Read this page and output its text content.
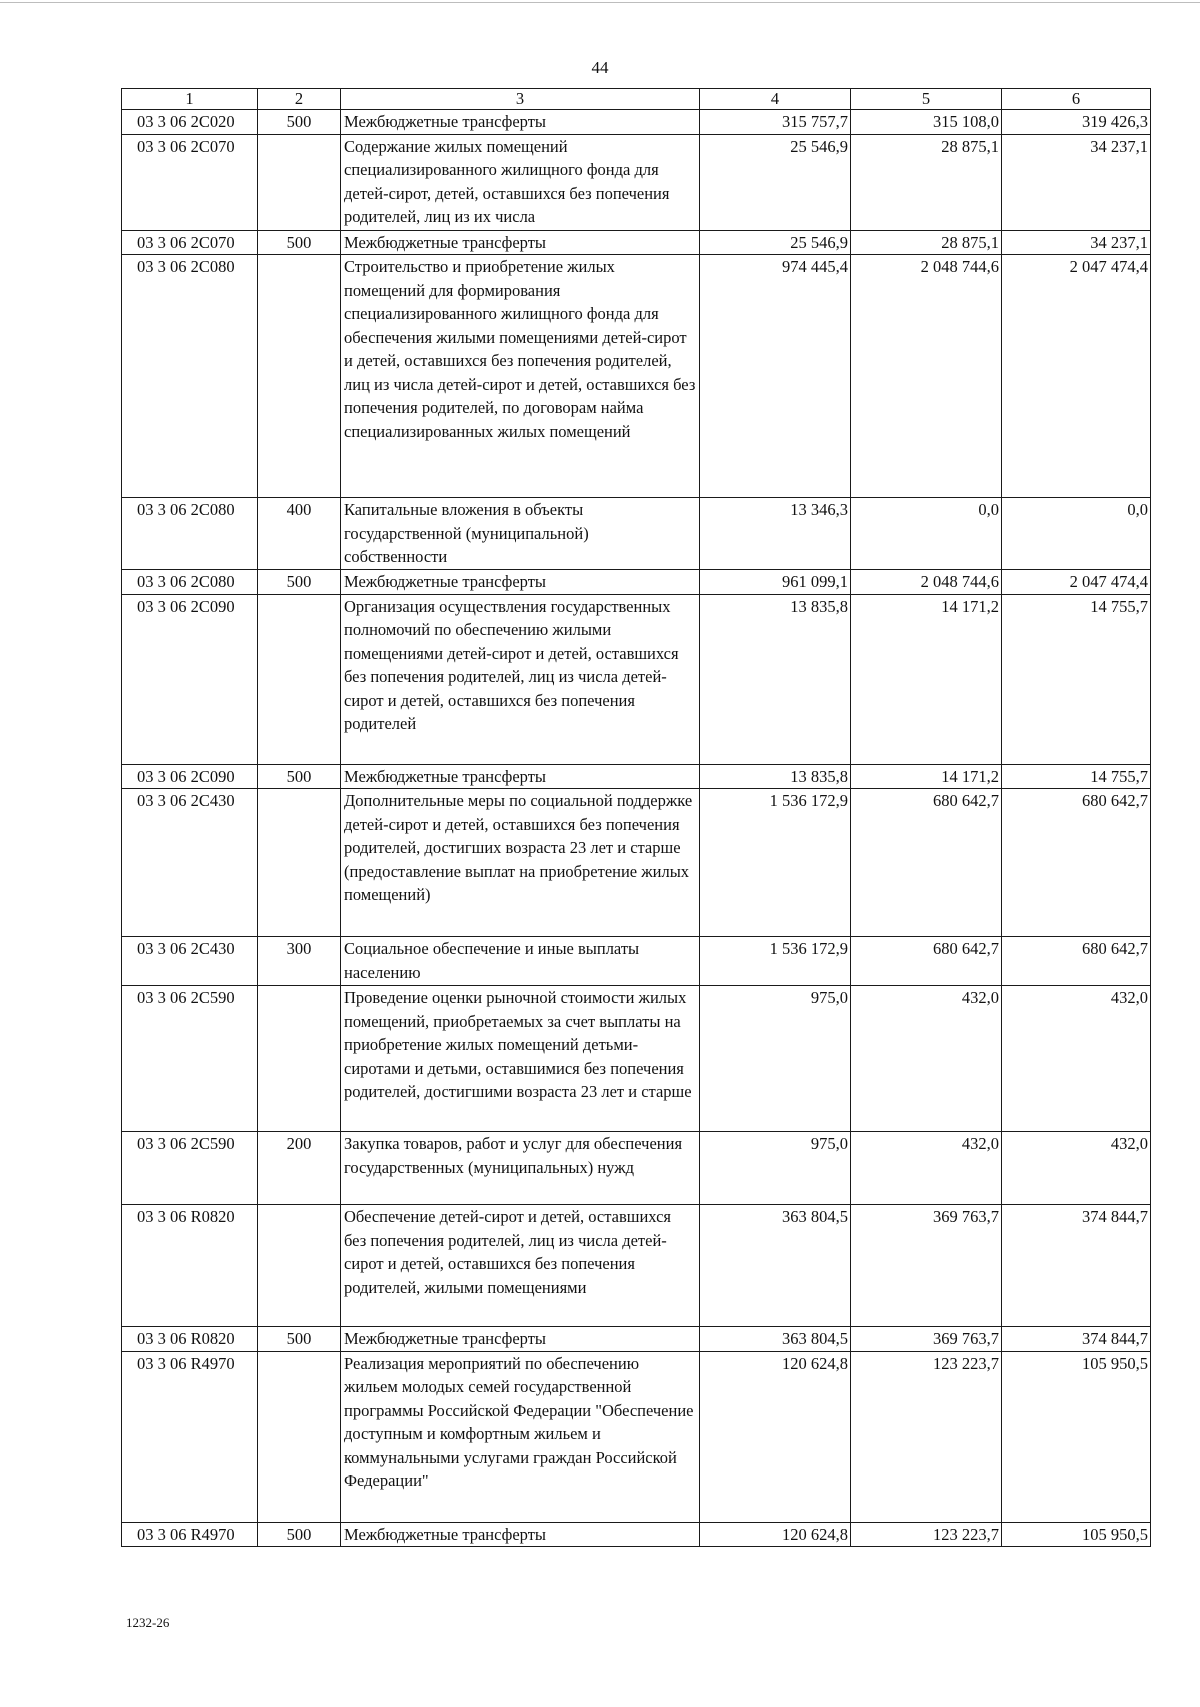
44
1	2	3	4	5	6
03 3 06 2С020	500	Межбюджетные трансферты	315 757,7	315 108,0	319 426,3
03 3 06 2С070		Содержание жилых помещений специализированного жилищного фонда для детей-сирот, детей, оставшихся без попечения родителей, лиц из их числа	25 546,9	28 875,1	34 237,1
03 3 06 2С070	500	Межбюджетные трансферты	25 546,9	28 875,1	34 237,1
03 3 06 2С080		Строительство и приобретение жилых помещений для формирования специализированного жилищного фонда для обеспечения жилыми помещениями детей-сирот и детей, оставшихся без попечения родителей, лиц из числа детей-сирот и детей, оставшихся без попечения родителей, по договорам найма специализированных жилых помещений	974 445,4	2 048 744,6	2 047 474,4
03 3 06 2С080	400	Капитальные вложения в объекты государственной (муниципальной) собственности	13 346,3	0,0	0,0
03 3 06 2С080	500	Межбюджетные трансферты	961 099,1	2 048 744,6	2 047 474,4
03 3 06 2С090		Организация осуществления государственных полномочий по обеспечению жилыми помещениями детей-сирот и детей, оставшихся без попечения родителей, лиц из числа детей-сирот и детей, оставшихся без попечения родителей	13 835,8	14 171,2	14 755,7
03 3 06 2С090	500	Межбюджетные трансферты	13 835,8	14 171,2	14 755,7
03 3 06 2С430		Дополнительные меры по социальной поддержке детей-сирот и детей, оставшихся без попечения родителей, достигших возраста 23 лет и старше (предоставление выплат на приобретение жилых помещений)	1 536 172,9	680 642,7	680 642,7
03 3 06 2С430	300	Социальное обеспечение и иные выплаты населению	1 536 172,9	680 642,7	680 642,7
03 3 06 2С590		Проведение оценки рыночной стоимости жилых помещений, приобретаемых за счет выплаты на приобретение жилых помещений детьми-сиротами и детьми, оставшимися без попечения родителей, достигшими возраста 23 лет и старше	975,0	432,0	432,0
03 3 06 2С590	200	Закупка товаров, работ и услуг для обеспечения государственных (муниципальных) нужд	975,0	432,0	432,0
03 3 06 R0820		Обеспечение детей-сирот и детей, оставшихся без попечения родителей, лиц из числа детей-сирот и детей, оставшихся без попечения родителей, жилыми помещениями	363 804,5	369 763,7	374 844,7
03 3 06 R0820	500	Межбюджетные трансферты	363 804,5	369 763,7	374 844,7
03 3 06 R4970		Реализация мероприятий по обеспечению жильем молодых семей государственной программы Российской Федерации "Обеспечение доступным и комфортным жильем и коммунальными услугами граждан Российской Федерации"	120 624,8	123 223,7	105 950,5
03 3 06 R4970	500	Межбюджетные трансферты	120 624,8	123 223,7	105 950,5
1232-26
